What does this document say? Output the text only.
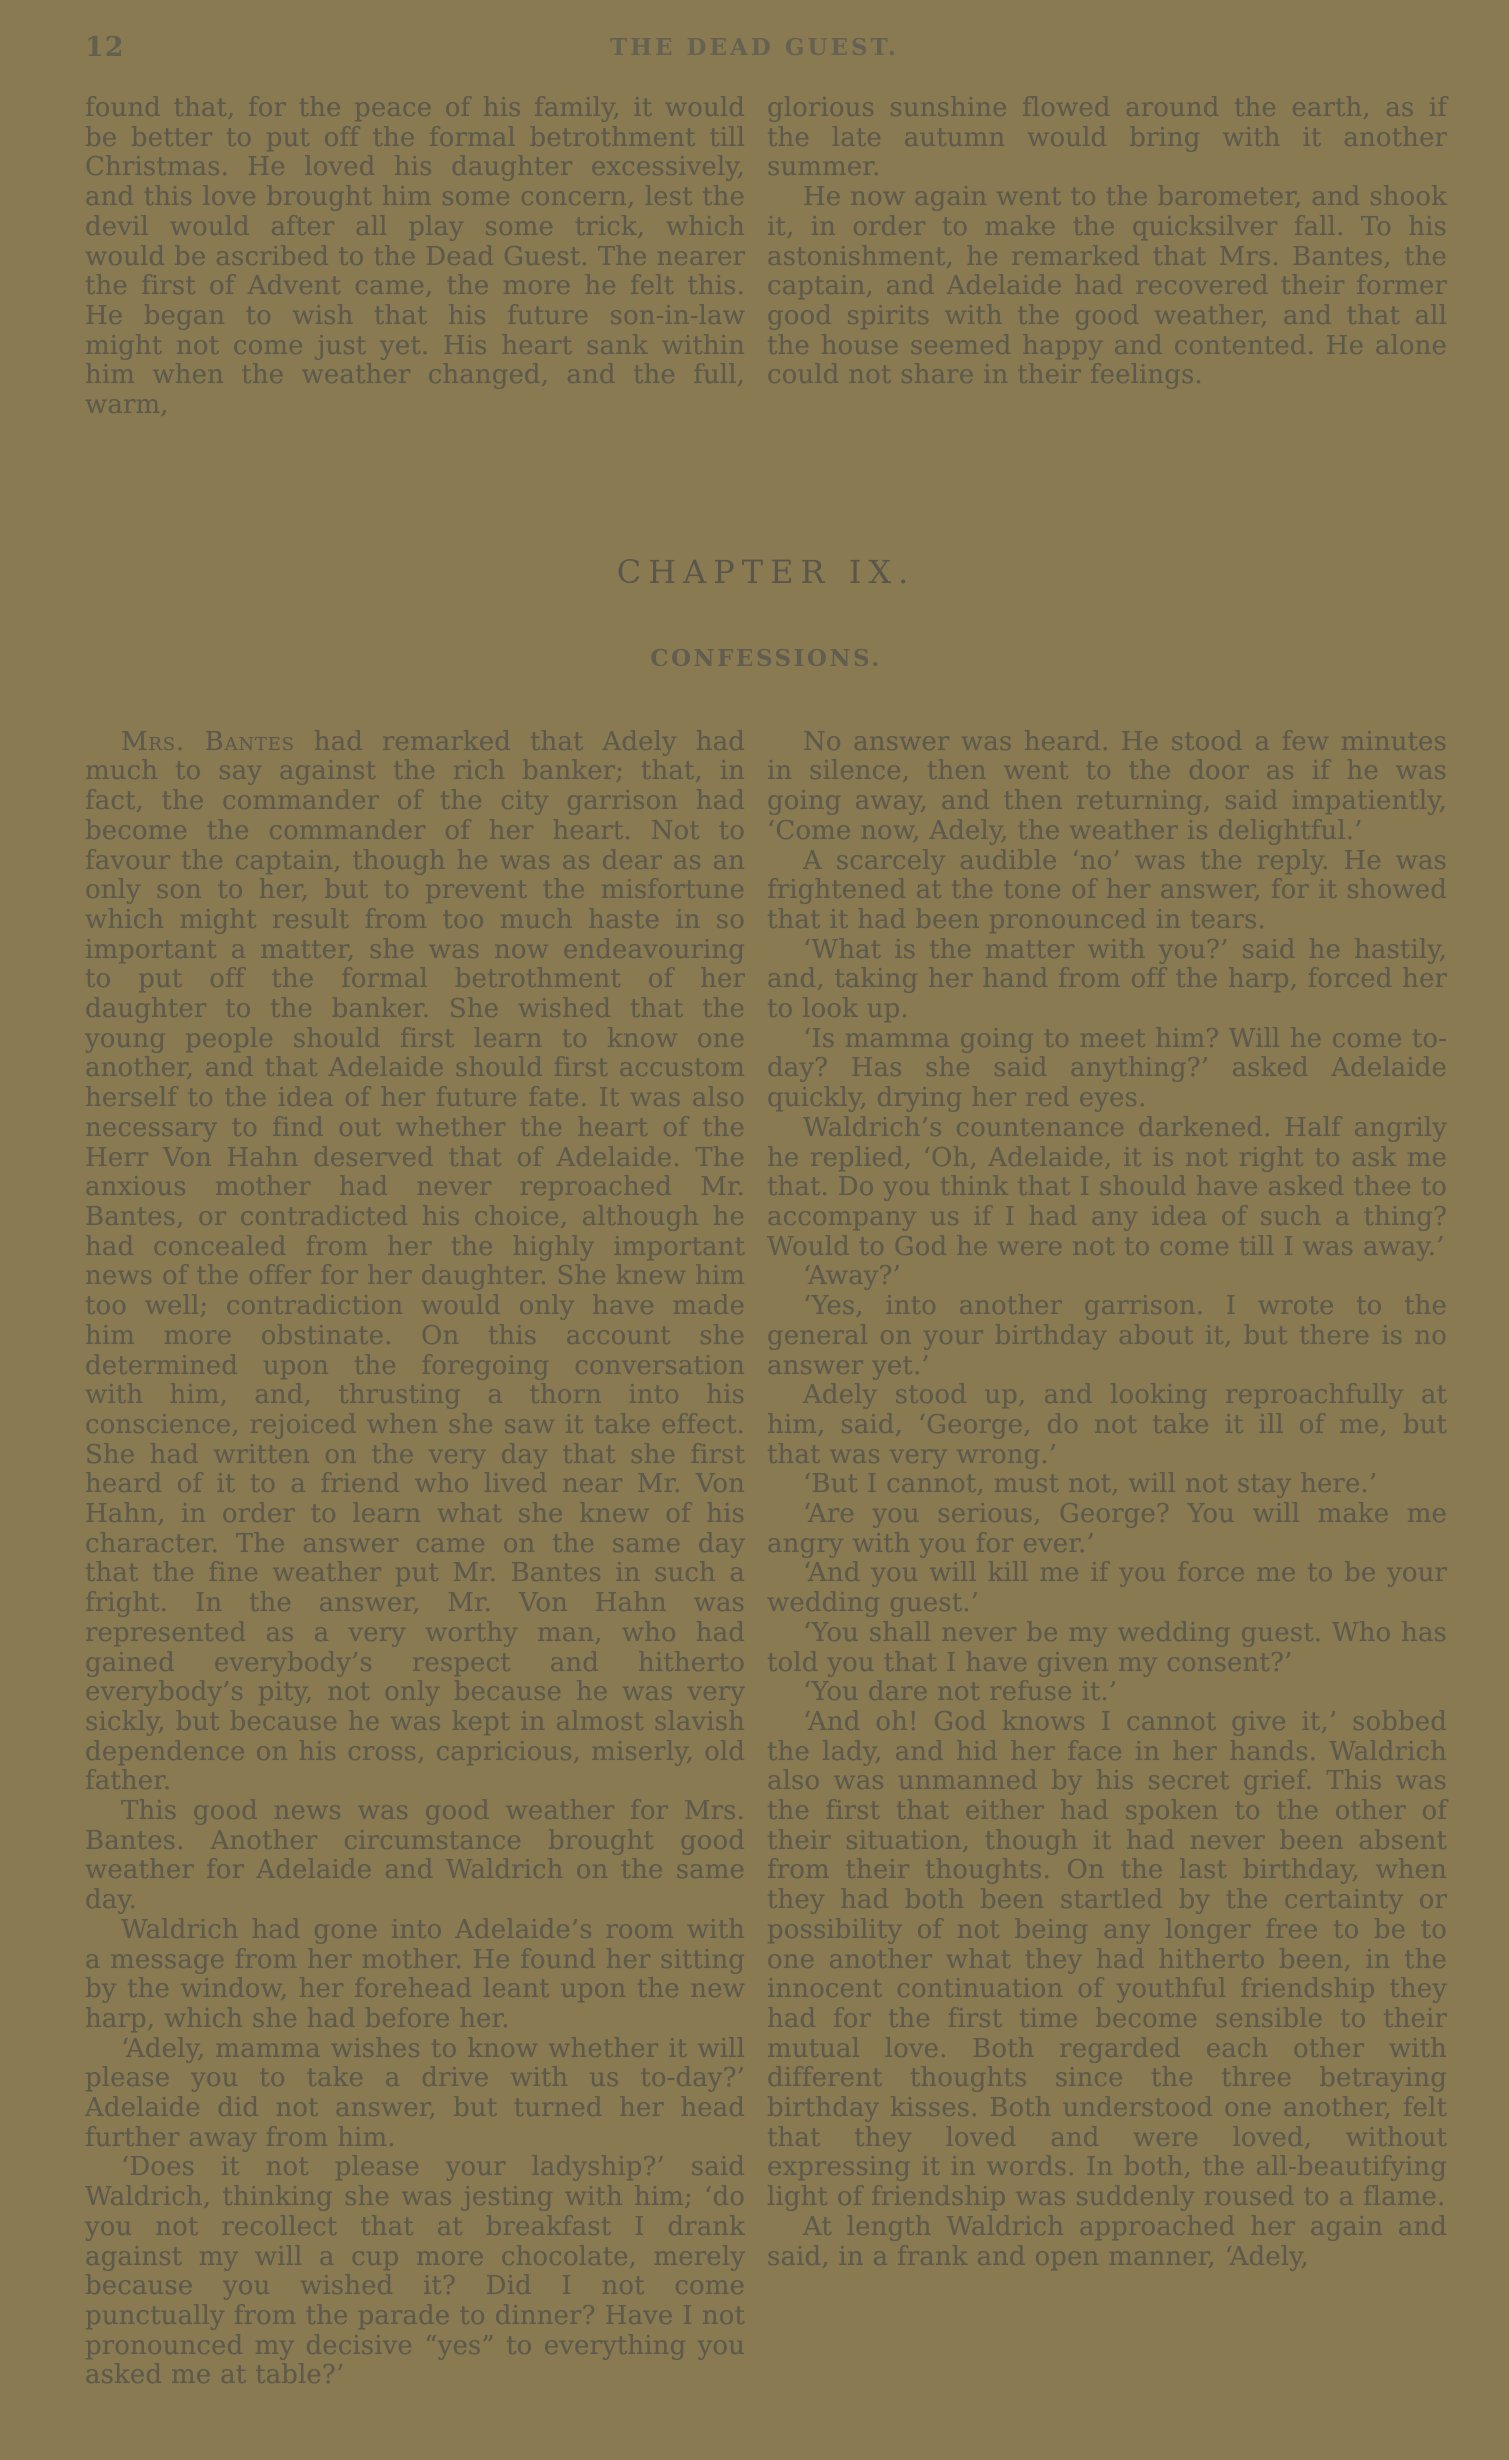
12	THE DEAD GUEST.

found that, for the peace of his family, it would be better to put off the formal betrothment till Christmas. He loved his daughter excessively, and this love brought him some concern, lest the devil would after all play some trick, which would be ascribed to the Dead Guest. The nearer the first of Advent came, the more he felt this. He began to wish that his future son-in-law might not come just yet. His heart sank within him when the weather changed, and the full, warm,

glorious sunshine flowed around the earth, as if the late autumn would bring with it another summer.

He now again went to the barometer, and shook it, in order to make the quicksilver fall. To his astonishment, he remarked that Mrs. Bantes, the captain, and Adelaide had recovered their former good spirits with the good weather, and that all the house seemed happy and contented. He alone could not share in their feelings.

CHAPTER IX.
CONFESSIONS.

Mrs. Bantes had remarked that Adely had much to say against the rich banker; that, in fact, the commander of the city garrison had become the commander of her heart. Not to favour the captain, though he was as dear as an only son to her, but to prevent the misfortune which might result from too much haste in so important a matter, she was now endeavouring to put off the formal betrothment of her daughter to the banker. She wished that the young people should first learn to know one another, and that Adelaide should first accustom herself to the idea of her future fate. It was also necessary to find out whether the heart of the Herr Von Hahn deserved that of Adelaide. The anxious mother had never reproached Mr. Bantes, or contradicted his choice, although he had concealed from her the highly important news of the offer for her daughter. She knew him too well; contradiction would only have made him more obstinate. On this account she determined upon the foregoing conversation with him, and, thrusting a thorn into his conscience, rejoiced when she saw it take effect. She had written on the very day that she first heard of it to a friend who lived near Mr. Von Hahn, in order to learn what she knew of his character. The answer came on the same day that the fine weather put Mr. Bantes in such a fright. In the answer, Mr. Von Hahn was represented as a very worthy man, who had gained everybody’s respect and hitherto everybody’s pity, not only because he was very sickly, but because he was kept in almost slavish dependence on his cross, capricious, miserly, old father.

This good news was good weather for Mrs. Bantes. Another circumstance brought good weather for Adelaide and Waldrich on the same day.

Waldrich had gone into Adelaide’s room with a message from her mother. He found her sitting by the window, her forehead leant upon the new harp, which she had before her.

‘Adely, mamma wishes to know whether it will please you to take a drive with us to-day?’ Adelaide did not answer, but turned her head further away from him.

‘Does it not please your ladyship?’ said Waldrich, thinking she was jesting with him; ‘do you not recollect that at breakfast I drank against my will a cup more chocolate, merely because you wished it? Did I not come punctually from the parade to dinner? Have I not pronounced my decisive “yes” to everything you asked me at table?’

No answer was heard. He stood a few minutes in silence, then went to the door as if he was going away, and then returning, said impatiently, ‘Come now, Adely, the weather is delightful.’

A scarcely audible ‘no’ was the reply. He was frightened at the tone of her answer, for it showed that it had been pronounced in tears.

‘What is the matter with you?’ said he hastily, and, taking her hand from off the harp, forced her to look up.

‘Is mamma going to meet him? Will he come to-day? Has she said anything?’ asked Adelaide quickly, drying her red eyes.

Waldrich’s countenance darkened. Half angrily he replied, ‘Oh, Adelaide, it is not right to ask me that. Do you think that I should have asked thee to accompany us if I had any idea of such a thing? Would to God he were not to come till I was away.’

‘Away?’

‘Yes, into another garrison. I wrote to the general on your birthday about it, but there is no answer yet.’

Adely stood up, and looking reproachfully at him, said, ‘George, do not take it ill of me, but that was very wrong.’

‘But I cannot, must not, will not stay here.’

‘Are you serious, George? You will make me angry with you for ever.’

‘And you will kill me if you force me to be your wedding guest.’

‘You shall never be my wedding guest. Who has told you that I have given my consent?’

‘You dare not refuse it.’

‘And oh! God knows I cannot give it,’ sobbed the lady, and hid her face in her hands. Waldrich also was unmanned by his secret grief. This was the first that either had spoken to the other of their situation, though it had never been absent from their thoughts. On the last birthday, when they had both been startled by the certainty or possibility of not being any longer free to be to one another what they had hitherto been, in the innocent continuation of youthful friendship they had for the first time become sensible to their mutual love. Both regarded each other with different thoughts since the three betraying birthday kisses. Both understood one another, felt that they loved and were loved, without expressing it in words. In both, the all-beautifying light of friendship was suddenly roused to a flame.

At length Waldrich approached her again and said, in a frank and open manner, ‘Adely,
